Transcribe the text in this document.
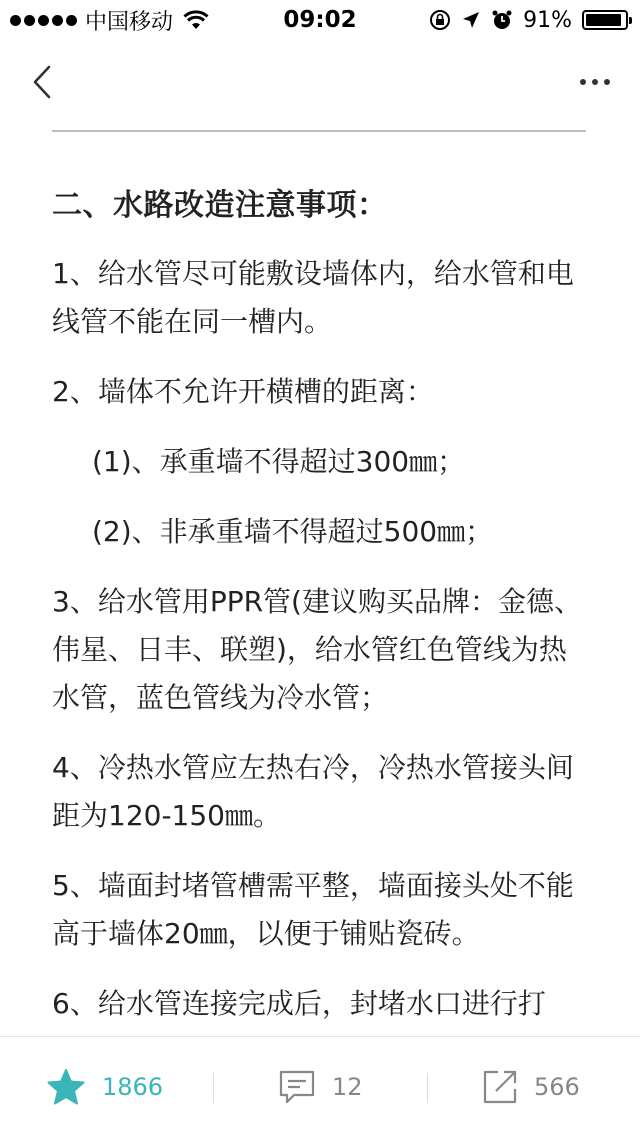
中国移动	09:02	91%
二、水路改造注意事项：
1、给水管尽可能敷设墙体内，给水管和电线管不能在同一槽内。
2、墙体不允许开横槽的距离：
(1)、承重墙不得超过300㎜；
(2)、非承重墙不得超过500㎜；
3、给水管用PPR管(建议购买品牌：金德、伟星、日丰、联塑)，给水管红色管线为热水管，蓝色管线为冷水管；
4、冷热水管应左热右冷，冷热水管接头间距为120-150㎜。
5、墙面封堵管槽需平整，墙面接头处不能高于墙体20㎜，以便于铺贴瓷砖。
6、给水管连接完成后，封堵水口进行打
1866	12	566
